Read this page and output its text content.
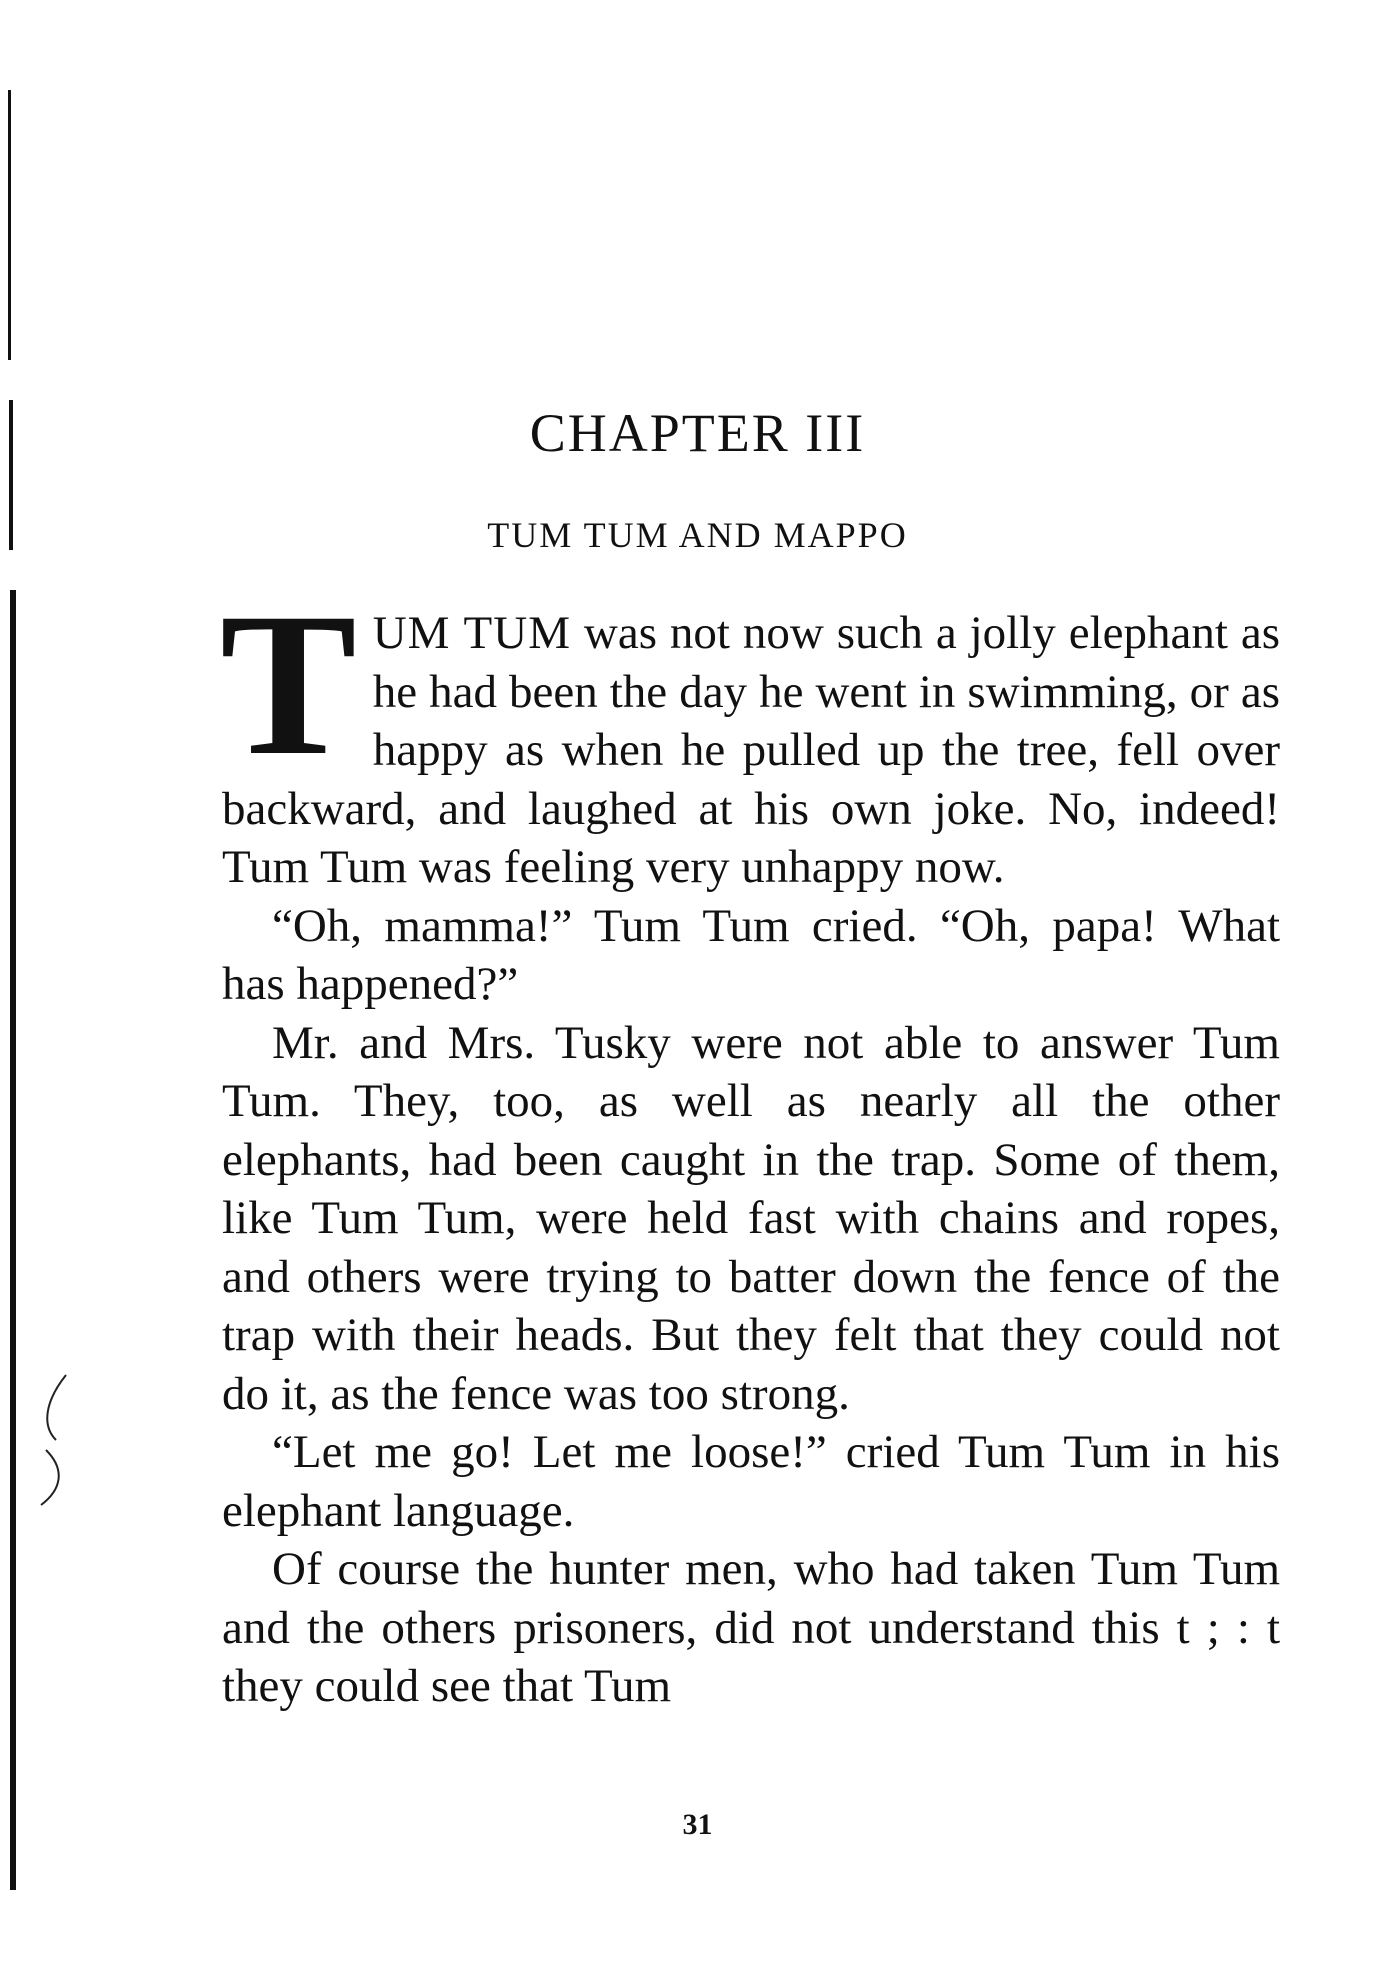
CHAPTER III
TUM TUM AND MAPPO

TUM TUM was not now such a jolly elephant as he had been the day he went in swimming, or as happy as when he pulled up the tree, fell over backward, and laughed at his own joke. No, indeed! Tum Tum was feeling very unhappy now.

“Oh, mamma!” Tum Tum cried. “Oh, papa! What has happened?”

Mr. and Mrs. Tusky were not able to answer Tum Tum. They, too, as well as nearly all the other elephants, had been caught in the trap. Some of them, like Tum Tum, were held fast with chains and ropes, and others were trying to batter down the fence of the trap with their heads. But they felt that they could not do it, as the fence was too strong.

“Let me go! Let me loose!” cried Tum Tum in his elephant language.

Of course the hunter men, who had taken Tum Tum and the others prisoners, did not understand this t ; : t they could see that Tum

31
